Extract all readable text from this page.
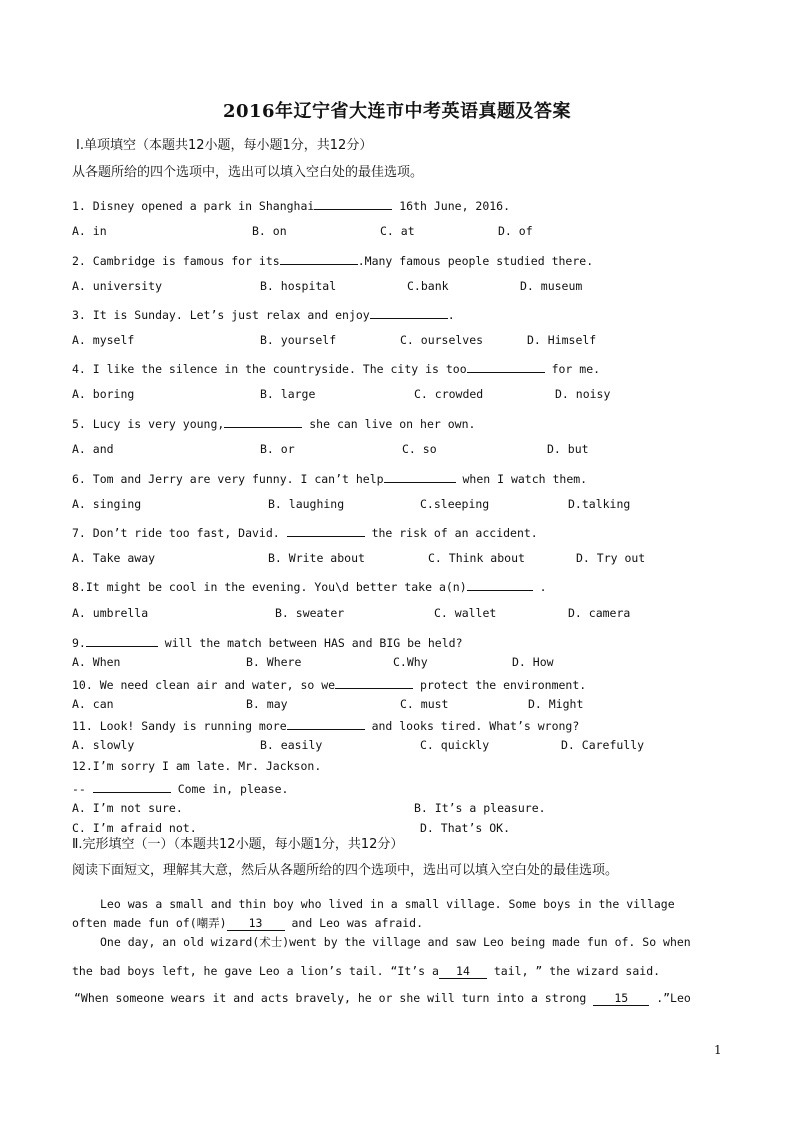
2016年辽宁省大连市中考英语真题及答案
Ⅰ.单项填空（本题共12小题，每小题1分，共12分）
从各题所给的四个选项中，选出可以填入空白处的最佳选项。
1. Disney opened a park in Shanghai	16th June, 2016.
A. in	B. on	C. at	D. of
2. Cambridge is famous for its	.Many famous people studied there.
A. university	B. hospital	C.bank	D. museum
3. It is Sunday. Let’s just relax and enjoy	.
A. myself	B. yourself	C. ourselves	D. Himself
4. I like the silence in the countryside. The city is too	for me.
A. boring	B. large	C. crowded	D. noisy
5. Lucy is very young,	she can live on her own.
A. and	B. or	C. so	D. but
6. Tom and Jerry are very funny. I can’t help	when I watch them.
A. singing	B. laughing	C.sleeping	D.talking
7. Don’t ride too fast, David.	the risk of an accident.
A. Take away	B. Write about	C. Think about	D. Try out
8.It might be cool in the evening. You\d better take a(n)	.
A. umbrella	B. sweater	C. wallet	D. camera
9.	will the match between HAS and BIG be held?
A. When	B. Where	C.Why	D. How
10. We need clean air and water, so we	protect the environment.
A. can	B. may	C. must	D. Might
11. Look! Sandy is running more	and looks tired. What’s wrong?
A. slowly	B. easily	C. quickly	D. Carefully
12.I’m sorry I am late. Mr. Jackson.
--	Come in, please.
A. I’m not sure.	B. It’s a pleasure.
C. I’m afraid not.	D. That’s OK.
Ⅱ.完形填空（一）（本题共12小题，每小题1分，共12分）
阅读下面短文，理解其大意，然后从各题所给的四个选项中，选出可以填入空白处的最佳选项。
Leo was a small and thin boy who lived in a small village. Some boys in the village
often made fun of(嘲弄) 13 and Leo was afraid.
One day, an old wizard(术士)went by the village and saw Leo being made fun of. So when
the bad boys left, he gave Leo a lion’s tail. “It’s a 14 tail, ” the wizard said.
“When someone wears it and acts bravely, he or she will turn into a strong 15 .”Leo
1
